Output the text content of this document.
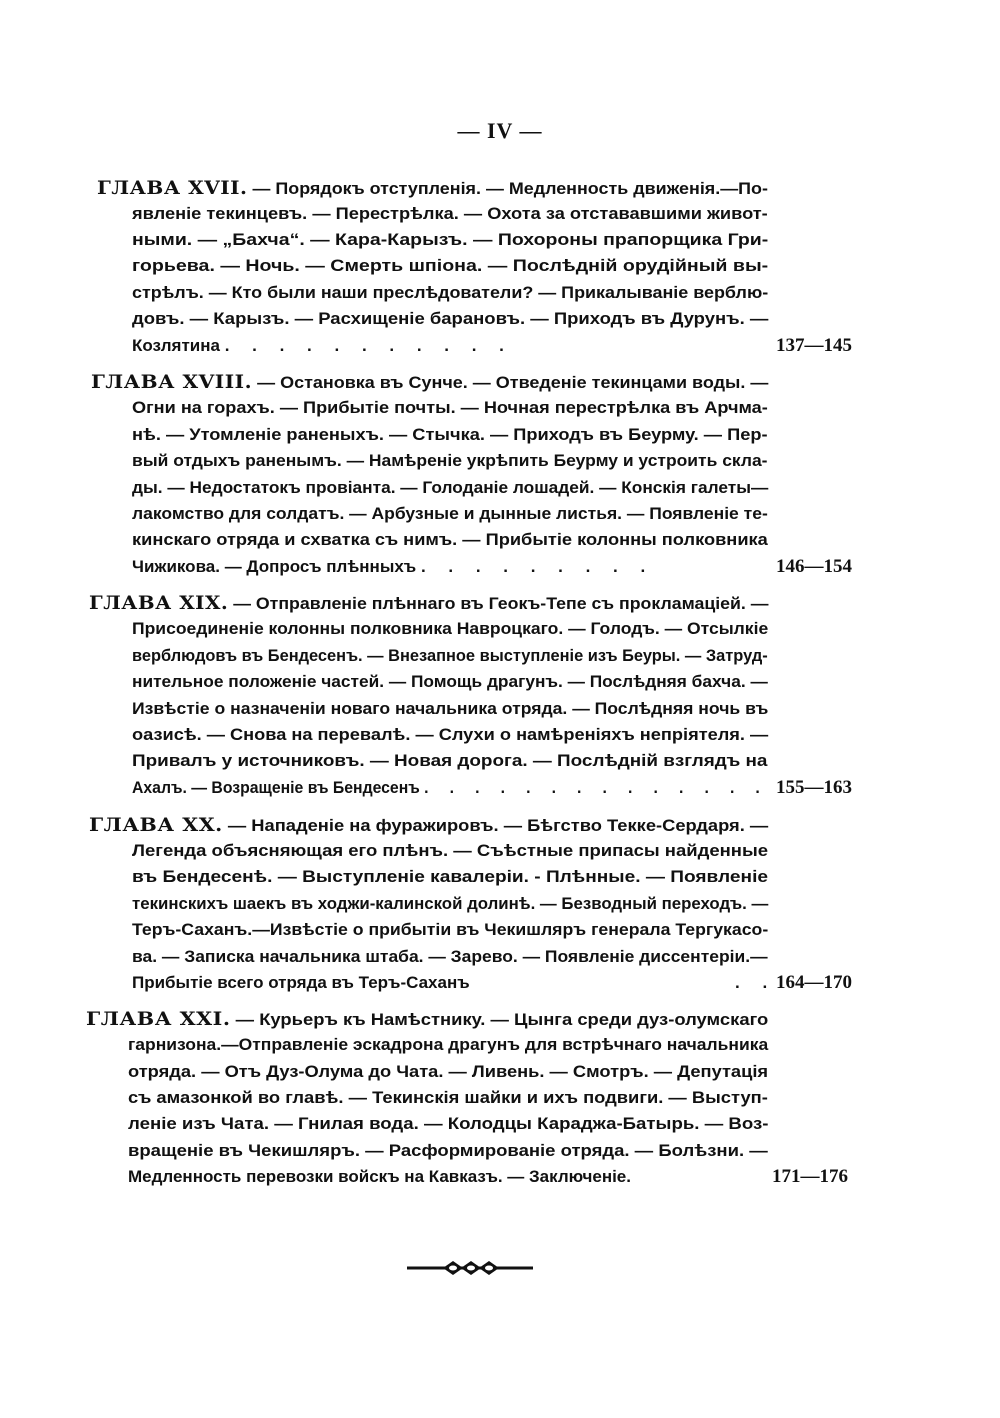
— IV —
ГЛАВА XVII. — Порядокъ отступленія. — Медленность движенія.—По-
явленіе текинцевъ. — Перестрѣлка. — Охота за отстававшими живот-
ными. — „Бахча“. — Кара-Карызъ. — Похороны прапорщика Гри-
горьева. — Ночь. — Смерть шпіона. — Послѣдній орудійный вы-
стрѣлъ. — Кто были наши преслѣдователи? — Прикалываніе верблю-
довъ. — Карызъ. — Расхищеніе барановъ. — Приходъ въ Дурунъ. —
Козлятина . . . . . . . . . . .	137—145
ГЛАВА XVIII. — Остановка въ Сунче. — Отведеніе текинцами воды. —
Огни на горахъ. — Прибытіе почты. — Ночная перестрѣлка въ Арчма-
нѣ. — Утомленіе раненыхъ. — Стычка. — Приходъ въ Беурму. — Пер-
вый отдыхъ раненымъ. — Намѣреніе укрѣпить Беурму и устроить скла-
ды. — Недостатокъ провіанта. — Голоданіе лошадей. — Конскія галеты—
лакомство для солдатъ. — Арбузные и дынные листья. — Появленіе те-
кинскаго отряда и схватка съ нимъ. — Прибытіе колонны полковника
Чижикова. — Допросъ плѣнныхъ . . . . . . . . .	146—154
ГЛАВА XIX. — Отправленіе плѣннаго въ Геокъ-Тепе съ прокламаціей. —
Присоединеніе колонны полковника Навроцкаго. — Голодъ. — Отсылкіе
верблюдовъ въ Бендесенъ. — Внезапное выступленіе изъ Беуры. — Затруд-
нительное положеніе частей. — Помощь драгунъ. — Послѣдняя бахча. —
Извѣстіе о назначеніи новаго начальника отряда. — Послѣдняя ночь въ
оазисѣ. — Снова на перевалѣ. — Слухи о намѣреніяхъ непріятеля. —
Привалъ у источниковъ. — Новая дорога. — Послѣдній взглядъ на
Ахалъ. — Возращеніе въ Бендесенъ . . . . . . . . . . . . . . 155—163
ГЛАВА XX. — Нападеніе на фуражировъ. — Бѣгство Текке-Сердаря. —
Легенда объясняющая его плѣнъ. — Съѣстные припасы найденные
въ Бендесенѣ. — Выступленіе кавалеріи. - Плѣнные. — Появленіе
текинскихъ шаекъ въ ходжи-калинской долинѣ. — Безводный переходъ. —
Теръ-Саханъ.—Извѣстіе о прибытіи въ Чекишляръ генерала Тергукасо-
ва. — Записка начальника штаба. — Зарево. — Появленіе диссентеріи.—
Прибытіе всего отряда въ Теръ-Саханъ	. . 164—170
ГЛАВА XXI. — Курьеръ къ Намѣстнику. — Цынга среди дуз-олумскаго
гарнизона.—Отправленіе эскадрона драгунъ для встрѣчнаго начальника
отряда. — Отъ Дуз-Олума до Чата. — Ливень. — Смотръ. — Депутація
съ амазонкой во главѣ. — Текинскія шайки и ихъ подвиги. — Выступ-
леніе изъ Чата. — Гнилая вода. — Колодцы Караджа-Батырь. — Воз-
вращеніе въ Чекишляръ. — Расформированіе отряда. — Болѣзни. —
Медленность перевозки войскъ на Кавказъ. — Заключеніе.	171—176
